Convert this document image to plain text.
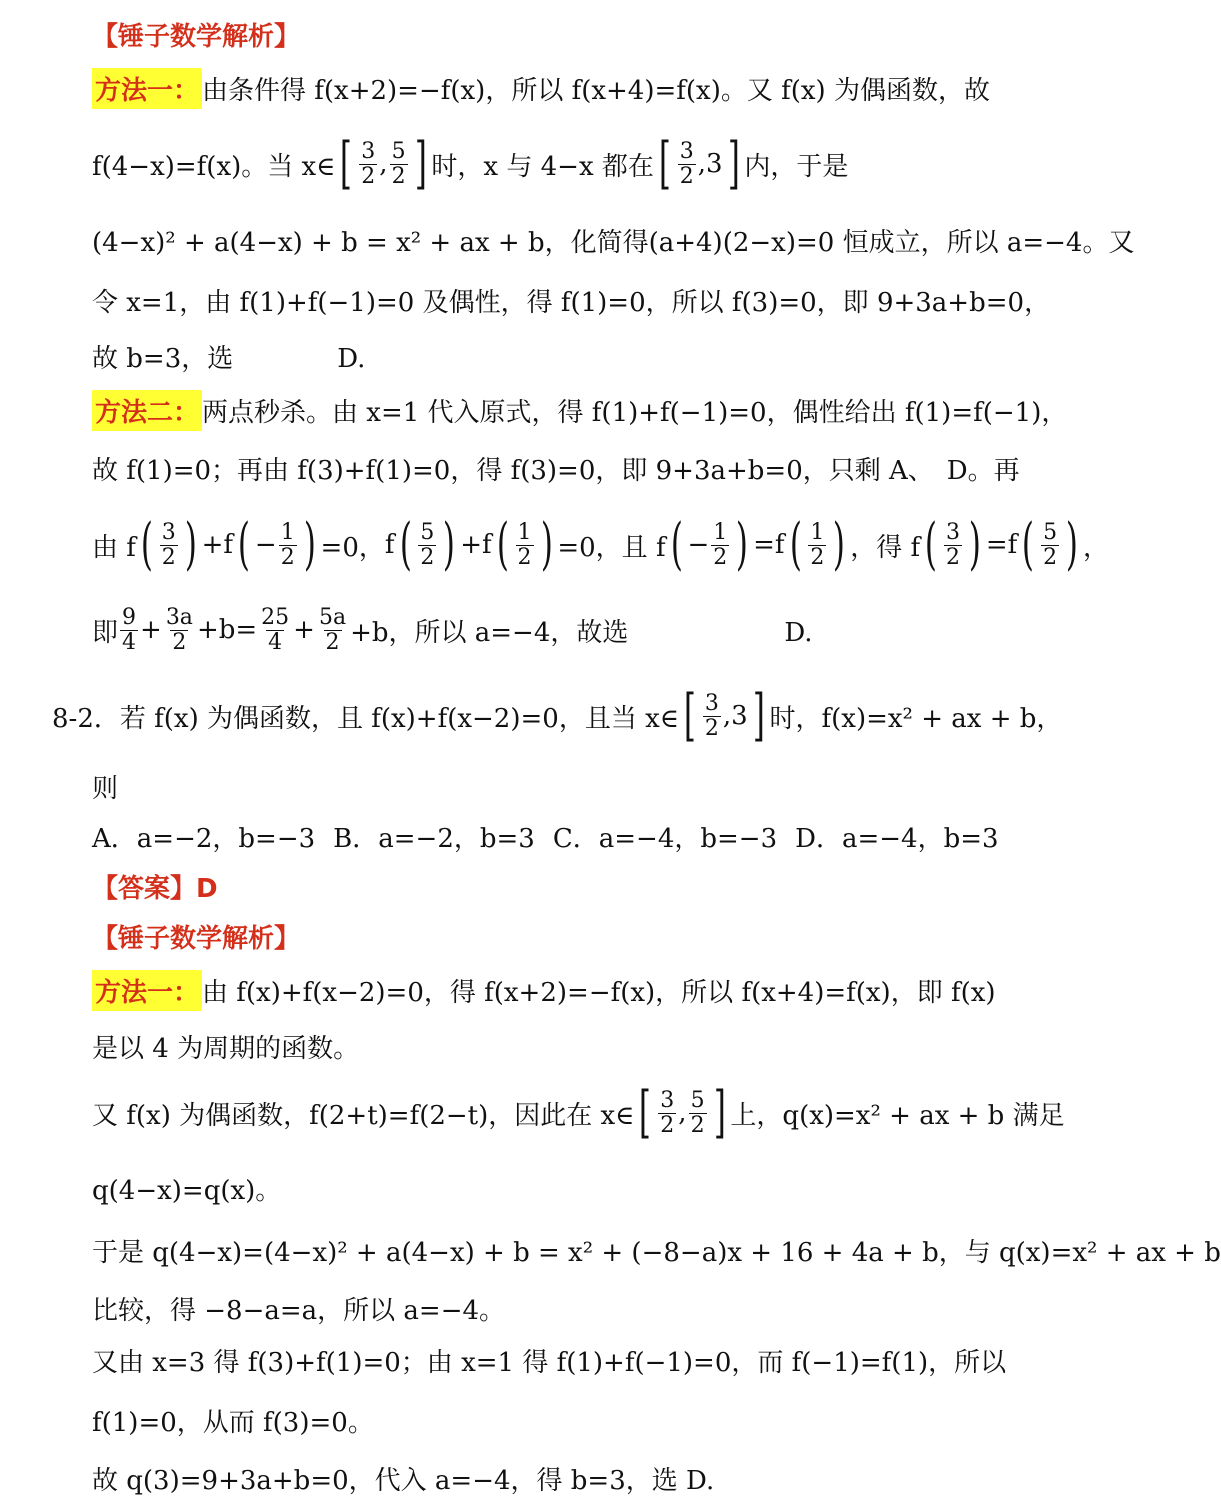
【锤子数学解析】
方法一： 由条件得 f(x+2)=−f(x)，所以 f(x+4)=f(x)。又 f(x) 为偶函数，故
f(4−x)=f(x)。当 x∈ [ $\frac{3}{2}$ , $\frac{5}{2}$ ] 时，x 与 4−x 都在 [ $\frac{3}{2} ,3$ ] 内，于是
(4−x)² + a(4−x) + b = x² + ax + b，化简得(a+4)(2−x)=0 恒成立，所以 a=−4。又
令 x=1，由 f(1)+f(−1)=0 及偶性，得 f(1)=0，所以 f(3)=0，即 9+3a+b=0，
故 b=3，选　　　　D.
方法二： 两点秒杀。由 x=1 代入原式，得 f(1)+f(−1)=0，偶性给出 f(1)=f(−1)，
故 f(1)=0；再由 f(3)+f(1)=0，得 f(3)=0，即 9+3a+b=0，只剩 A、　D。再
由 f ( $\frac{3}{2}$ ) +f ( − $\frac{1}{2}$ ) =0， f ( $\frac{5}{2}$ ) +f ( $\frac{1}{2}$ ) =0，且 f ( − $\frac{1}{2}$ ) =f ( $\frac{1}{2}$ ) ，得 f ( $\frac{3}{2}$ ) =f ( $\frac{5}{2}$ ) ，
即 $\frac{9}{4} + \frac{3a}{2} +b= \frac{25}{4} + \frac{5a}{2} +b$，所以 a=−4，故选　　　　　　D.
8-2．若 f(x) 为偶函数，且 f(x)+f(x−2)=0，且当 x∈ [ $\frac{3}{2} ,3$ ] 时，f(x)=x² + ax + b，
则
A．a=−2，b=−3 B．a=−2，b=3 C．a=−4，b=−3 D．a=−4，b=3
【答案】D
【锤子数学解析】
方法一： 由 f(x)+f(x−2)=0，得 f(x+2)=−f(x)，所以 f(x+4)=f(x)，即 f(x)
是以 4 为周期的函数。
又 f(x) 为偶函数，f(2+t)=f(2−t)，因此在 x∈ [ $\frac{3}{2}$ , $\frac{5}{2}$ ] 上，q(x)=x² + ax + b 满足
q(4−x)=q(x)。
于是 q(4−x)=(4−x)² + a(4−x) + b = x² + (−8−a)x + 16 + 4a + b，与 q(x)=x² + ax + b
比较，得 −8−a=a，所以 a=−4。
又由 x=3 得 f(3)+f(1)=0；由 x=1 得 f(1)+f(−1)=0，而 f(−1)=f(1)，所以
f(1)=0，从而 f(3)=0。
故 q(3)=9+3a+b=0，代入 a=−4，得 b=3，选 D.
